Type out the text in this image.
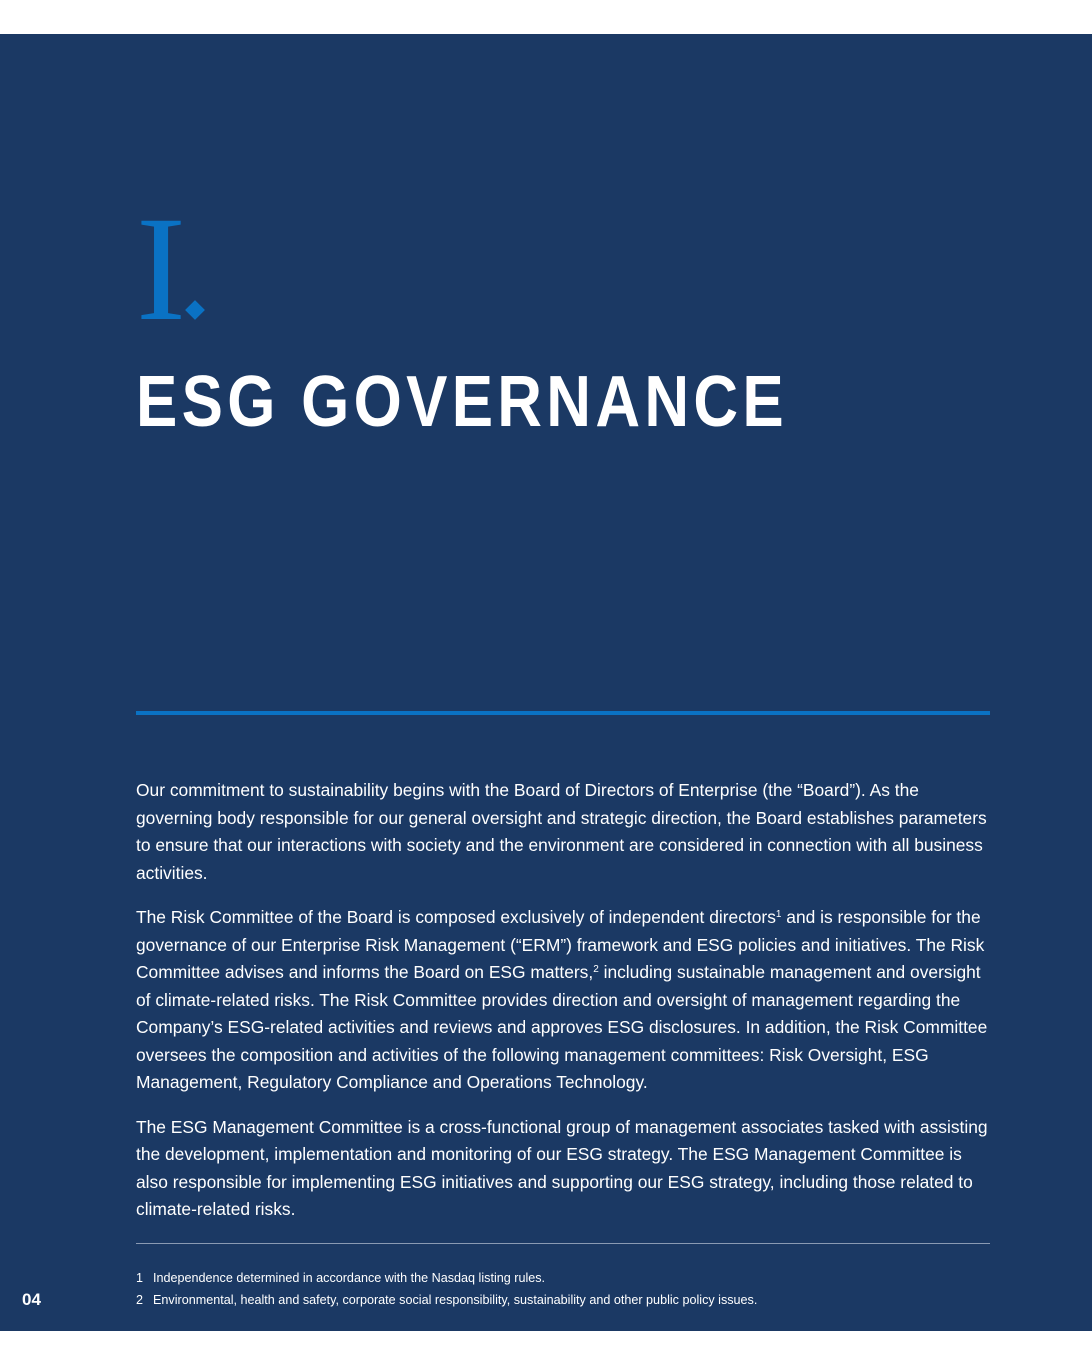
I
ESG GOVERNANCE

Our commitment to sustainability begins with the Board of Directors of Enterprise (the “Board”). As the governing body responsible for our general oversight and strategic direction, the Board establishes parameters to ensure that our interactions with society and the environment are considered in connection with all business activities.

The Risk Committee of the Board is composed exclusively of independent directors$^1$ and is responsible for the governance of our Enterprise Risk Management (“ERM”) framework and ESG policies and initiatives. The Risk Committee advises and informs the Board on ESG matters,$^2$ including sustainable management and oversight of climate-related risks. The Risk Committee provides direction and oversight of management regarding the Company’s ESG-related activities and reviews and approves ESG disclosures. In addition, the Risk Committee oversees the composition and activities of the following management committees: Risk Oversight, ESG Management, Regulatory Compliance and Operations Technology.

The ESG Management Committee is a cross-functional group of management associates tasked with assisting the development, implementation and monitoring of our ESG strategy. The ESG Management Committee is also responsible for implementing ESG initiatives and supporting our ESG strategy, including those related to climate-related risks.

1 Independence determined in accordance with the Nasdaq listing rules.
2 Environmental, health and safety, corporate social responsibility, sustainability and other public policy issues.
04
